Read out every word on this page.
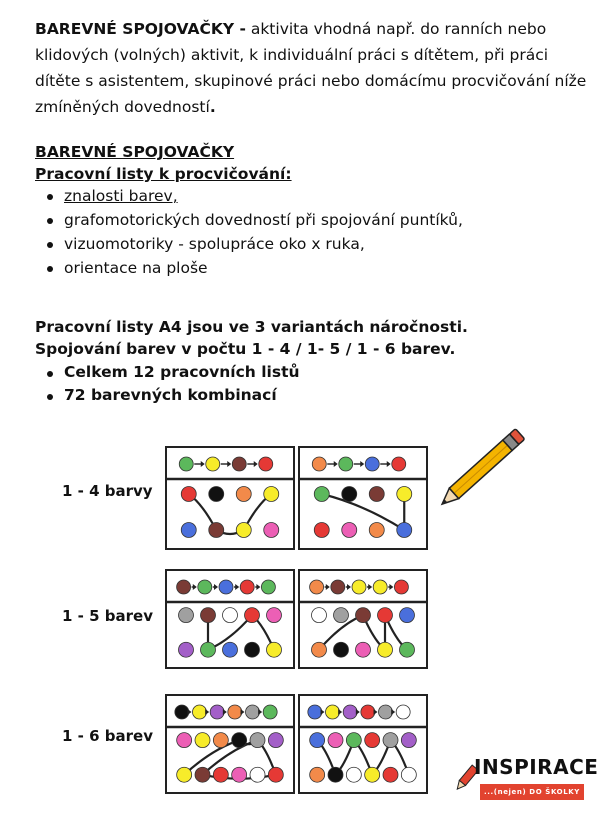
BAREVNÉ SPOJOVAČKY - aktivita vhodná např. do ranních nebo klidových (volných) aktivit, k individuální práci s dítětem, při práci dítěte s asistentem, skupinové práci nebo domácímu procvičování níže zmíněných dovedností.
BAREVNÉ SPOJOVAČKY
Pracovní listy k procvičování:
znalosti barev,
grafomotorických dovedností při spojování puntíků,
vizuomotoriky - spolupráce oko x ruka,
orientace na ploše
Pracovní listy A4 jsou ve 3 variantách náročnosti.
Spojování barev v počtu 1 - 4 / 1- 5 / 1 - 6 barev.
Celkem 12 pracovních listů
72 barevných kombinací
1 - 4 barvy
1 - 5 barev
1 - 6 barev
INSPIRACE
...(nejen) DO ŠKOLKY
